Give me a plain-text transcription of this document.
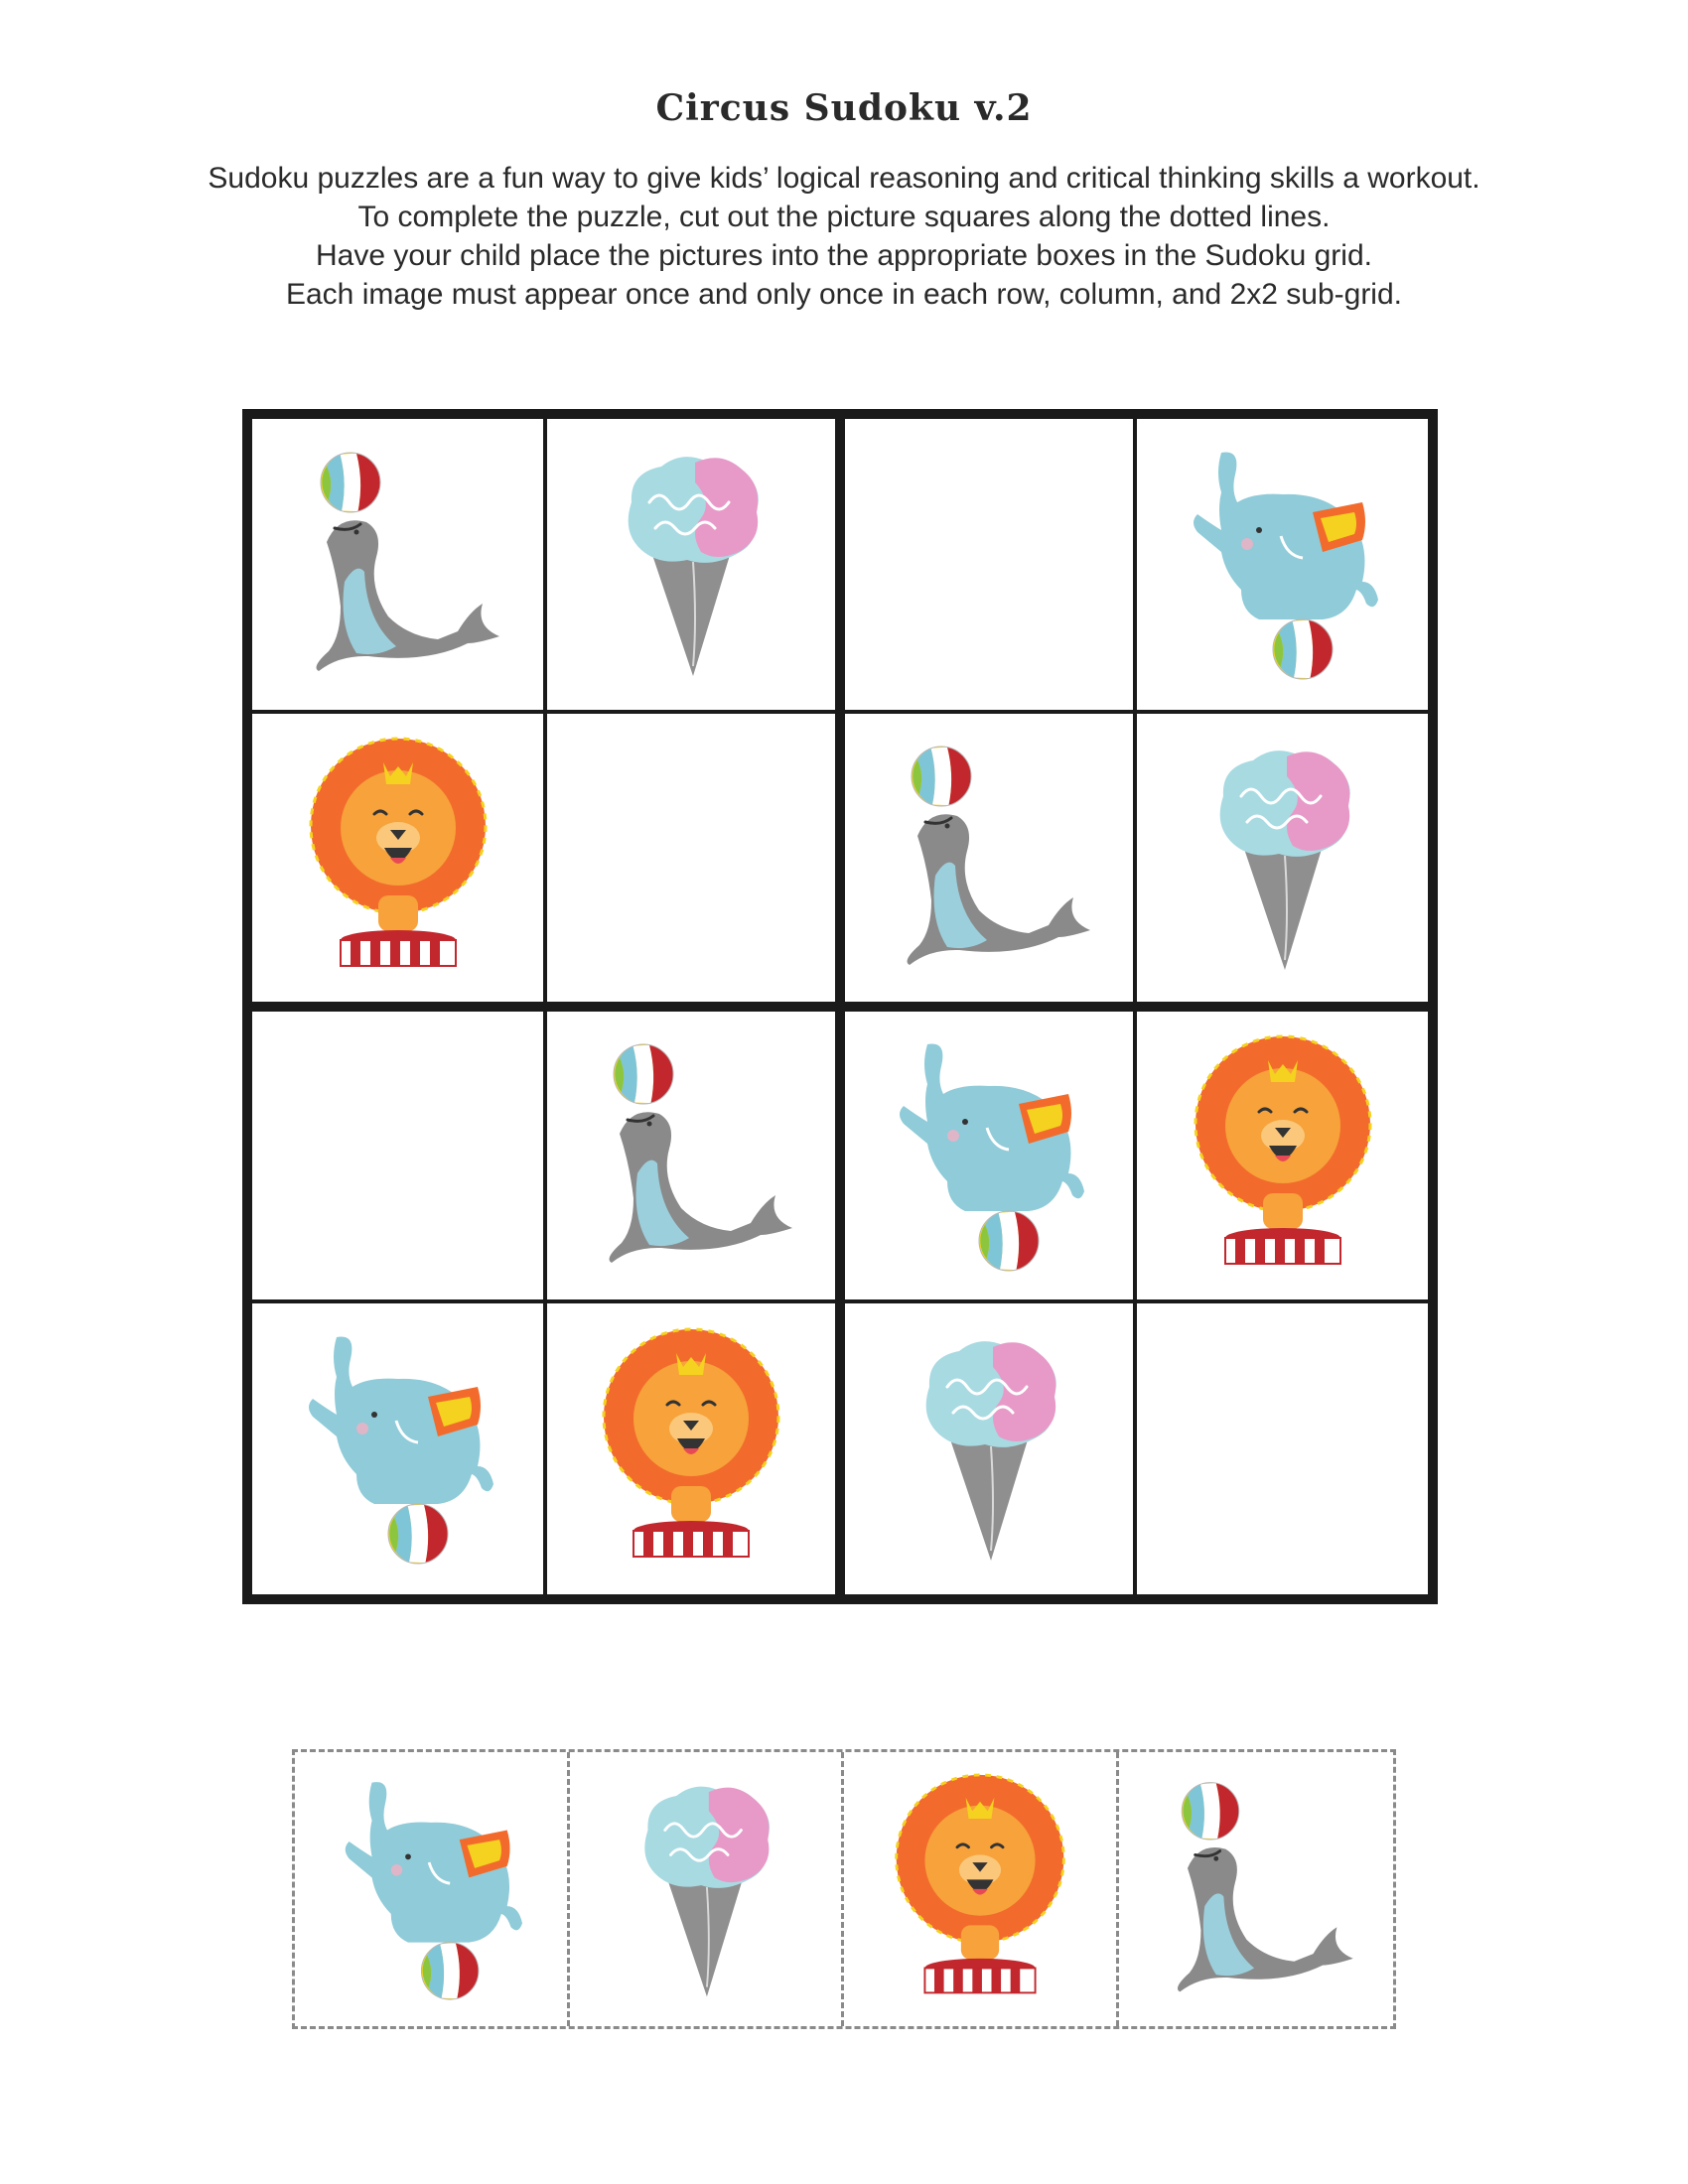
Circus Sudoku v.2

Sudoku puzzles are a fun way to give kids’ logical reasoning and critical thinking skills a workout.

To complete the puzzle, cut out the picture squares along the dotted lines.

Have your child place the pictures into the appropriate boxes in the Sudoku grid.

Each image must appear once and only once in each row, column, and 2x2 sub-grid.
